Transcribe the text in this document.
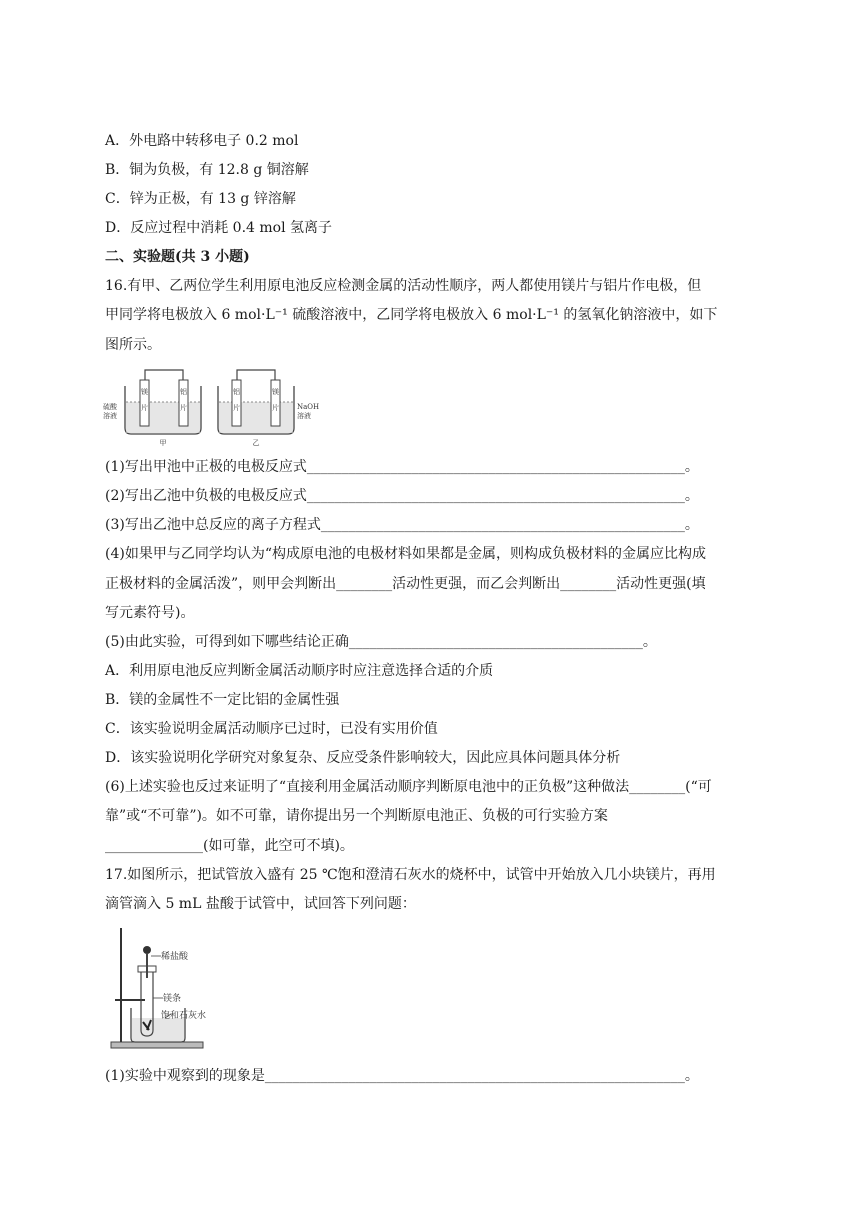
A．外电路中转移电子 0.2 mol
B．铜为负极，有 12.8 g 铜溶解
C．锌为正极，有 13 g 锌溶解
D．反应过程中消耗 0.4 mol 氢离子
二、实验题(共 3 小题)
16.有甲、乙两位学生利用原电池反应检测金属的活动性顺序，两人都使用镁片与铝片作电极，但
甲同学将电极放入 6 mol·L⁻¹ 硫酸溶液中，乙同学将电极放入 6 mol·L⁻¹ 的氢氧化钠溶液中，如下
图所示。
镁
片
铝
片
硫酸
溶液
甲
铝
片
镁
片	NaOH
溶液
乙
(1)写出甲池中正极的电极反应式______________________________________________________。
(2)写出乙池中负极的电极反应式______________________________________________________。
(3)写出乙池中总反应的离子方程式____________________________________________________。
(4)如果甲与乙同学均认为“构成原电池的电极材料如果都是金属，则构成负极材料的金属应比构成
正极材料的金属活泼”，则甲会判断出________活动性更强，而乙会判断出________活动性更强(填
写元素符号)。
(5)由此实验，可得到如下哪些结论正确__________________________________________。
A．利用原电池反应判断金属活动顺序时应注意选择合适的介质
B．镁的金属性不一定比铝的金属性强
C．该实验说明金属活动顺序已过时，已没有实用价值
D．该实验说明化学研究对象复杂、反应受条件影响较大，因此应具体问题具体分析
(6)上述实验也反过来证明了“直接利用金属活动顺序判断原电池中的正负极”这种做法________(“可
靠”或“不可靠”)。如不可靠，请你提出另一个判断原电池正、负极的可行实验方案
______________(如可靠，此空可不填)。
17.如图所示，把试管放入盛有 25 ℃饱和澄清石灰水的烧杯中，试管中开始放入几小块镁片，再用
滴管滴入 5 mL 盐酸于试管中，试回答下列问题：
稀盐酸
镁条
饱和石灰水
(1)实验中观察到的现象是____________________________________________________________。
